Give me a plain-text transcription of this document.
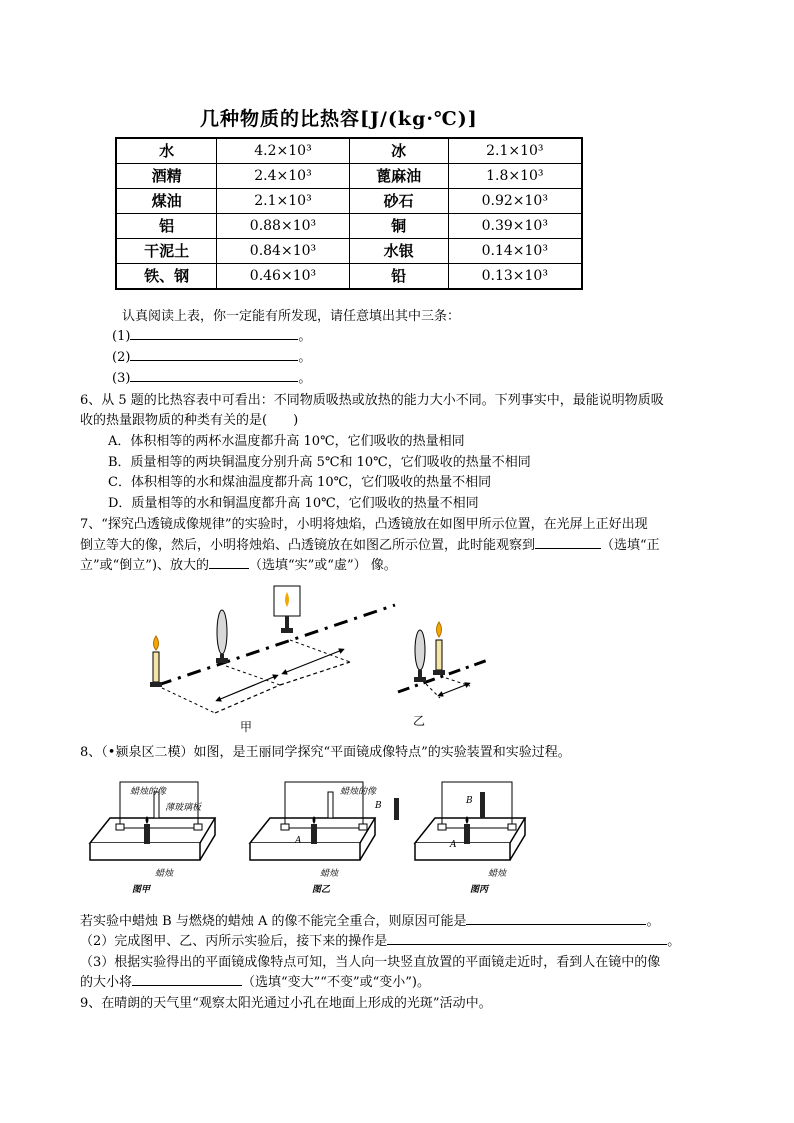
几种物质的比热容[J/(kg·℃)]
水	4.2×10³	冰	2.1×10³
酒精	2.4×10³	蓖麻油	1.8×10³
煤油	2.1×10³	砂石	0.92×10³
铝	0.88×10³	铜	0.39×10³
干泥土	0.84×10³	水银	0.14×10³
铁、钢	0.46×10³	铅	0.13×10³
认真阅读上表，你一定能有所发现，请任意填出其中三条：
(1)	。
(2)	。
(3)	。
6、从 5 题的比热容表中可看出：不同物质吸热或放热的能力大小不同。下列事实中，最能说明物质吸
收的热量跟物质的种类有关的是(　　)
A．体积相等的两杯水温度都升高 10℃，它们吸收的热量相同
B．质量相等的两块铜温度分别升高 5℃和 10℃，它们吸收的热量不相同
C．体积相等的水和煤油温度都升高 10℃，它们吸收的热量不相同
D．质量相等的水和铜温度都升高 10℃，它们吸收的热量不相同
7、“探究凸透镜成像规律”的实验时，小明将烛焰，凸透镜放在如图甲所示位置，在光屏上正好出现
倒立等大的像，然后，小明将烛焰、凸透镜放在如图乙所示位置，此时能观察到	（选填“正
立”或“倒立”)、放大的	（选填“实”或“虚”） 像。
甲	乙
8、（•颍泉区二模）如图，是王丽同学探究“平面镜成像特点”的实验装置和实验过程。
蜡烛的像
薄玻璃板
蜡烛
蜡烛的像
B
A
蜡烛
B
A
蜡烛
图甲	图乙	图丙
若实验中蜡烛 B 与燃烧的蜡烛 A 的像不能完全重合，则原因可能是	。
（2）完成图甲、乙、丙所示实验后，接下来的操作是	。
（3）根据实验得出的平面镜成像特点可知，当人向一块竖直放置的平面镜走近时，看到人在镜中的像
的大小将	（选填“变大”“不变”或“变小”)。
9、在晴朗的天气里“观察太阳光通过小孔在地面上形成的光斑”活动中。
